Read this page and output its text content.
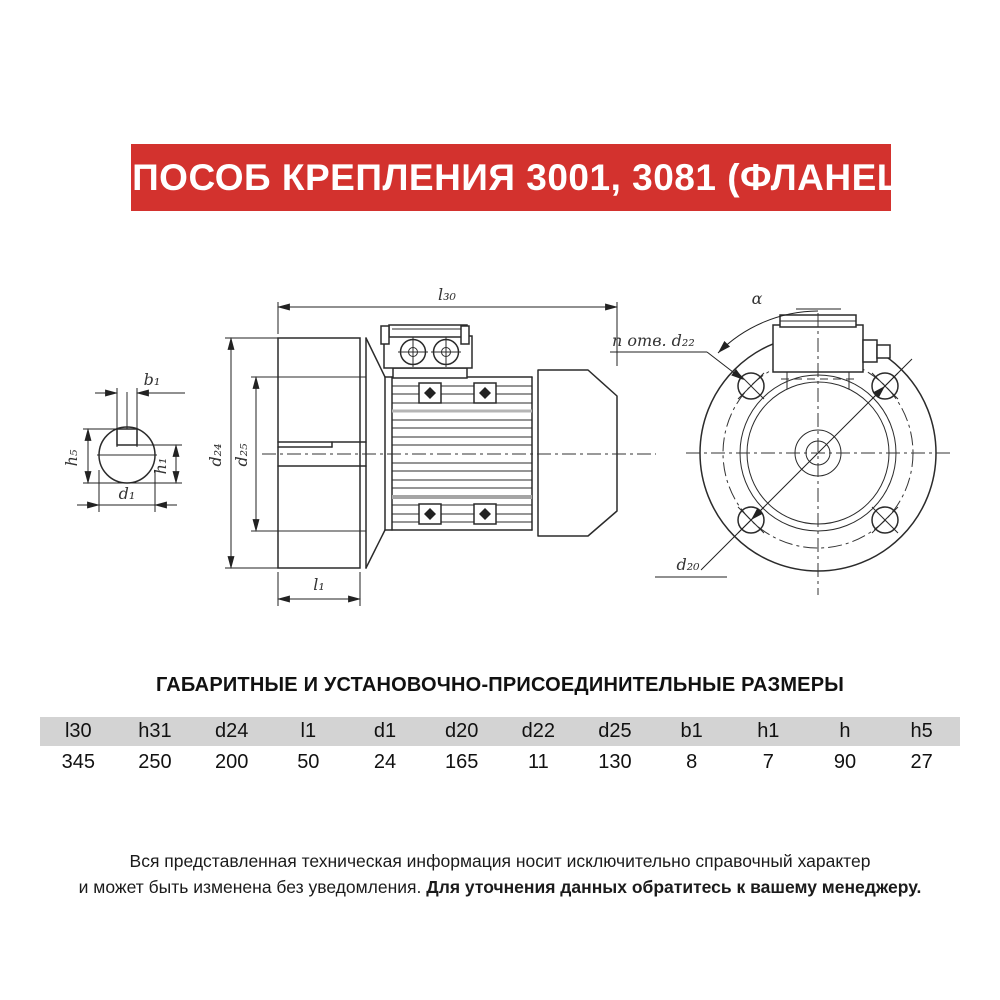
СПОСОБ КРЕПЛЕНИЯ 3001, 3081 (ФЛАНЕЦ)
b₁
h₅	h₁
d₁
l₃₀
d₂₄ d₂₅
l₁
d₂₀
α
n отв. d₂₂
ГАБАРИТНЫЕ И УСТАНОВОЧНО-ПРИСОЕДИНИТЕЛЬНЫЕ РАЗМЕРЫ
l30	h31	d24	l1	d1	d20	d22	d25	b1	h1	h	h5
345	250	200	50	24	165	11	130	8	7	90	27
Вся представленная техническая информация носит исключительно справочный характер
и может быть изменена без уведомления. Для уточнения данных обратитесь к вашему менеджеру.
